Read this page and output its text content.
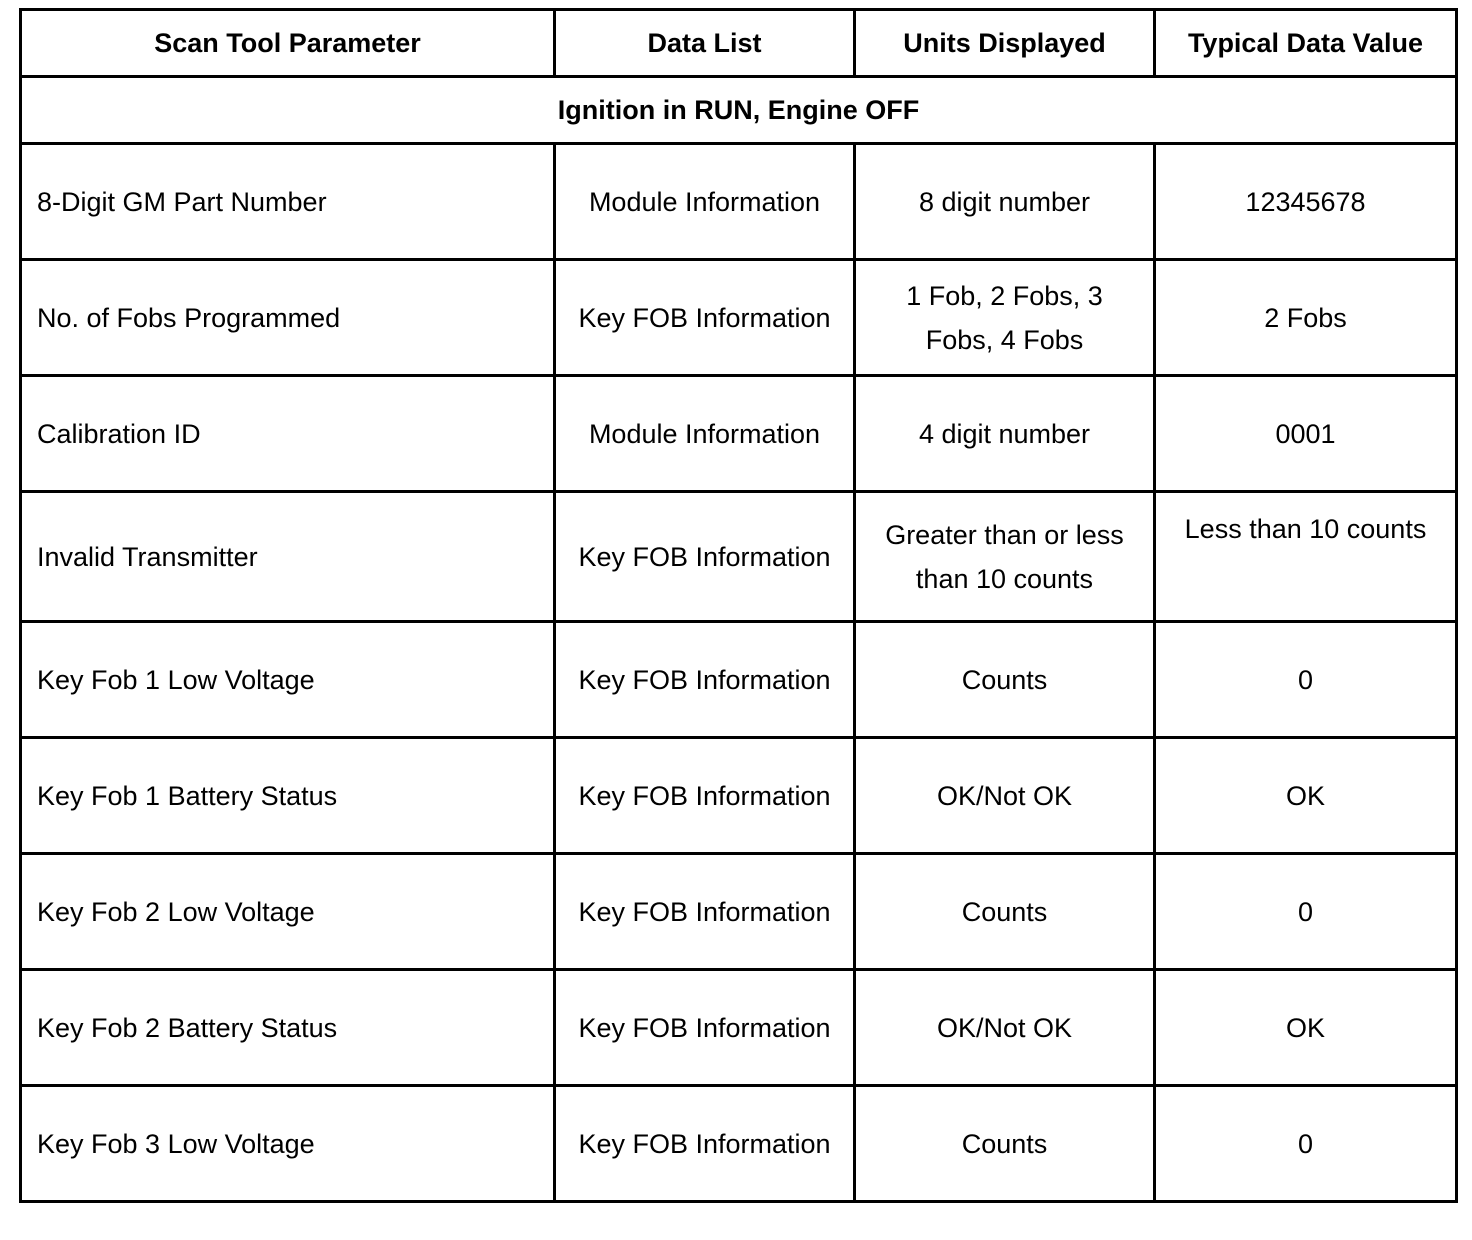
Scan Tool Parameter	Data List	Units Displayed	Typical Data Value
Ignition in RUN, Engine OFF			
8-Digit GM Part Number	Module Information	8 digit number	12345678
No. of Fobs Programmed	Key FOB Information	1 Fob, 2 Fobs, 3 Fobs, 4 Fobs	2 Fobs
Calibration ID	Module Information	4 digit number	0001
Invalid Transmitter	Key FOB Information	Greater than or less than 10 counts	Less than 10 counts
Key Fob 1 Low Voltage	Key FOB Information	Counts	0
Key Fob 1 Battery Status	Key FOB Information	OK/Not OK	OK
Key Fob 2 Low Voltage	Key FOB Information	Counts	0
Key Fob 2 Battery Status	Key FOB Information	OK/Not OK	OK
Key Fob 3 Low Voltage	Key FOB Information	Counts	0
